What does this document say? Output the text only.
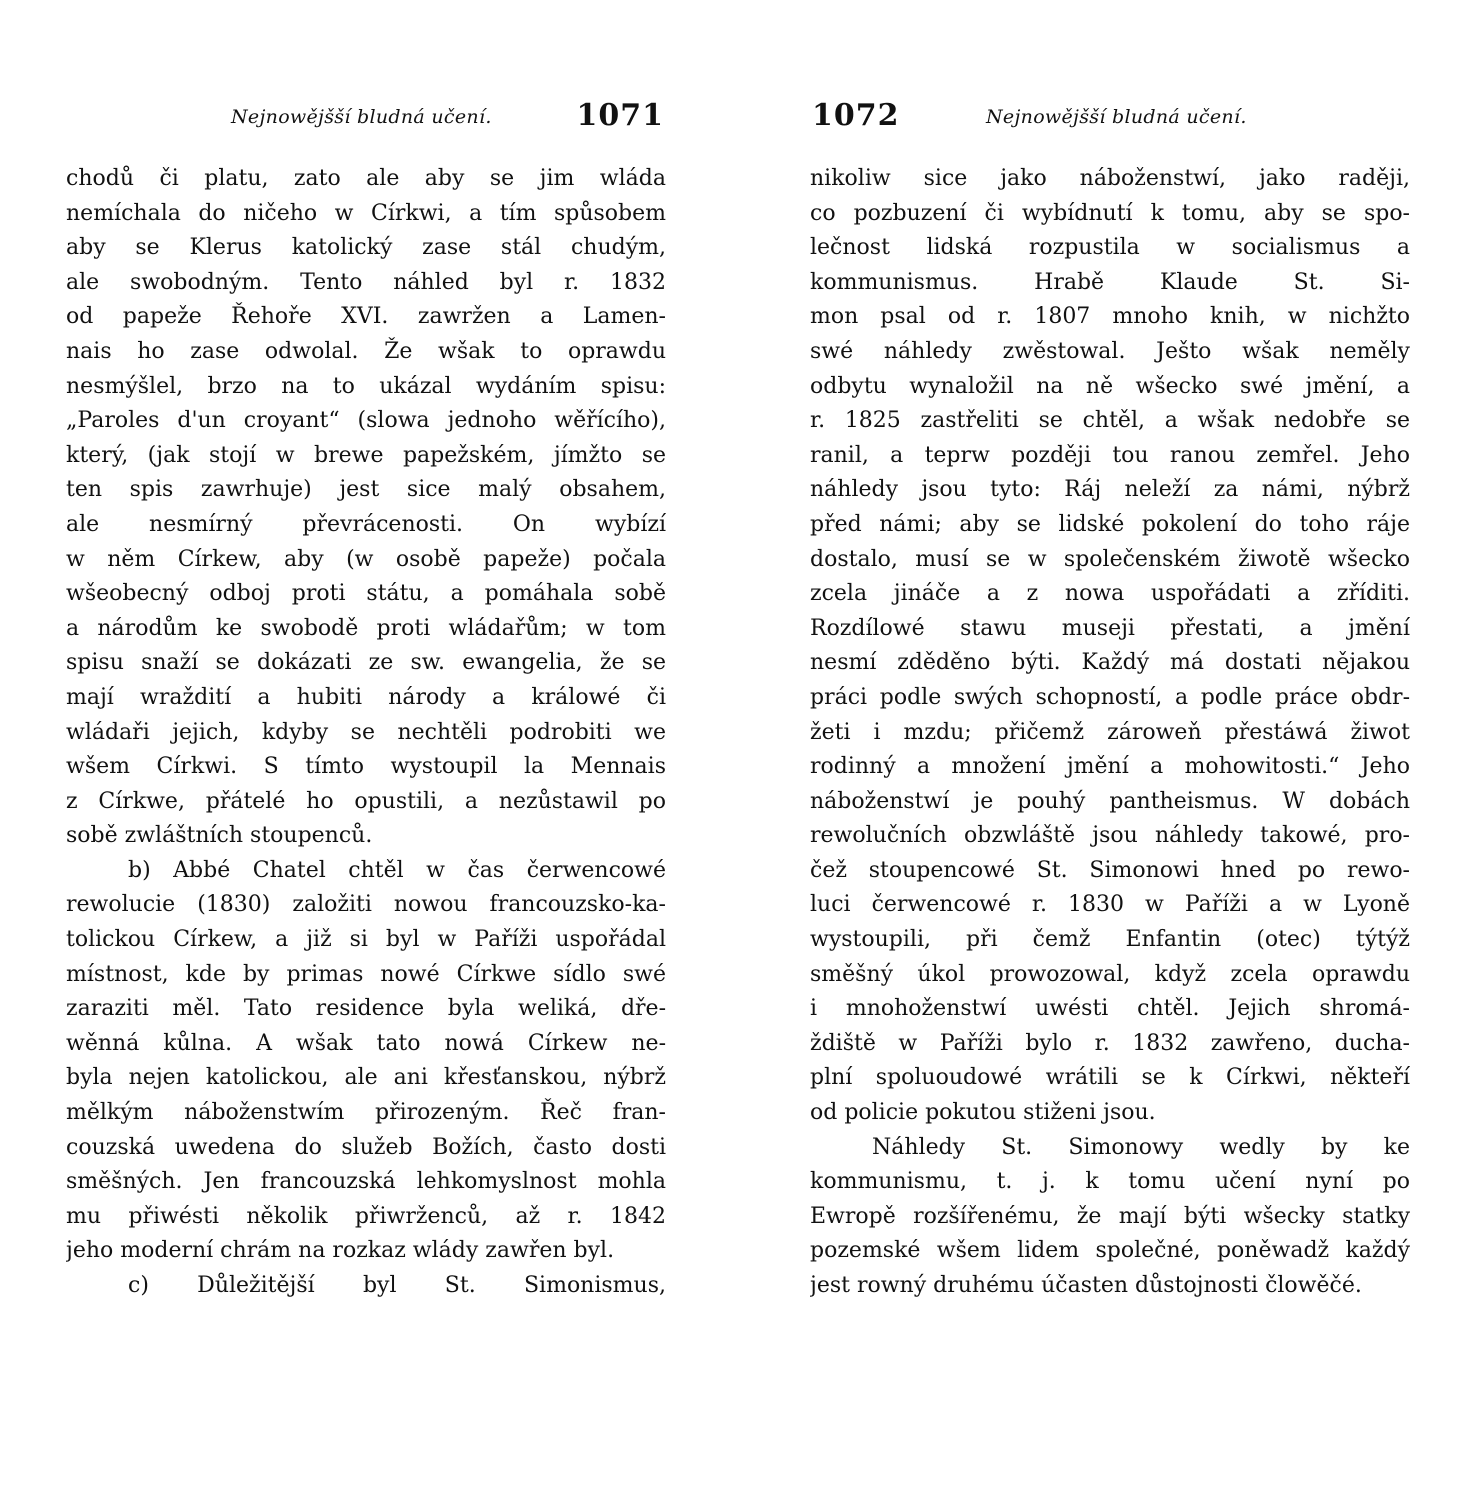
Nejnowějšší bludná učení.	1071
chodů či platu, zato ale aby se jim wláda
nemíchala do ničeho w Církwi, a tím spůsobem
aby se Klerus katolický zase stál chudým,
ale swobodným. Tento náhled byl r. 1832
od papeže Řehoře XVI. zawržen a Lamen-
nais ho zase odwolal. Že wšak to oprawdu
nesmýšlel, brzo na to ukázal wydáním spisu:
„Paroles d'un croyant“ (slowa jednoho wěřícího),
který, (jak stojí w brewe papežském, jímžto se
ten spis zawrhuje) jest sice malý obsahem,
ale nesmírný převrácenosti. On wybízí
w něm Církew, aby (w osobě papeže) počala
wšeobecný odboj proti státu, a pomáhala sobě
a národům ke swobodě proti wládařům; w tom
spisu snaží se dokázati ze sw. ewangelia, že se
mají wraždití a hubiti národy a králowé či
wládaři jejich, kdyby se nechtěli podrobiti we
wšem Církwi. S tímto wystoupil la Mennais
z Církwe, přátelé ho opustili, a nezůstawil po
sobě zwláštních stoupenců.
b) Abbé Chatel chtěl w čas čerwencowé
rewolucie (1830) založiti nowou francouzsko-ka-
tolickou Církew, a již si byl w Paříži uspořádal
místnost, kde by primas nowé Církwe sídlo swé
zaraziti měl. Tato residence byla weliká, dře-
wěnná kůlna. A wšak tato nowá Církew ne-
byla nejen katolickou, ale ani křesťanskou, nýbrž
mělkým náboženstwím přirozeným. Řeč fran-
couzská uwedena do služeb Božích, často dosti
směšných. Jen francouzská lehkomyslnost mohla
mu přiwésti několik přiwrženců, až r. 1842
jeho moderní chrám na rozkaz wlády zawřen byl.
c) Důležitější byl St. Simonismus,
1072	Nejnowějšší bludná učení.
nikoliw sice jako náboženstwí, jako raději,
co pozbuzení či wybídnutí k tomu, aby se spo-
lečnost lidská rozpustila w socialismus a
kommunismus. Hrabě Klaude St. Si-
mon psal od r. 1807 mnoho knih, w nichžto
swé náhledy zwěstowal. Ješto wšak neměly
odbytu wynaložil na ně wšecko swé jmění, a
r. 1825 zastřeliti se chtěl, a wšak nedobře se
ranil, a teprw později tou ranou zemřel. Jeho
náhledy jsou tyto: Ráj neleží za námi, nýbrž
před námi; aby se lidské pokolení do toho ráje
dostalo, musí se w společenském žiwotě wšecko
zcela jináče a z nowa uspořádati a zříditi.
Rozdílowé stawu museji přestati, a jmění
nesmí zděděno býti. Každý má dostati nějakou
práci podle swých schopností, a podle práce obdr-
žeti i mzdu; přičemž zároweň přestáwá žiwot
rodinný a množení jmění a mohowitosti.“ Jeho
náboženstwí je pouhý pantheismus. W dobách
rewolučních obzwláště jsou náhledy takowé, pro-
čež stoupencowé St. Simonowi hned po rewo-
luci čerwencowé r. 1830 w Paříži a w Lyoně
wystoupili, při čemž Enfantin (otec) týtýž
směšný úkol prowozowal, když zcela oprawdu
i mnohoženstwí uwésti chtěl. Jejich shromá-
ždiště w Paříži bylo r. 1832 zawřeno, ducha-
plní spoluoudowé wrátili se k Církwi, někteří
od policie pokutou stiženi jsou.
Náhledy St. Simonowy wedly by ke
kommunismu, t. j. k tomu učení nyní po
Ewropě rozšířenému, že mají býti wšecky statky
pozemské wšem lidem společné, poněwadž každý
jest rowný druhému účasten důstojnosti člowěčé.
